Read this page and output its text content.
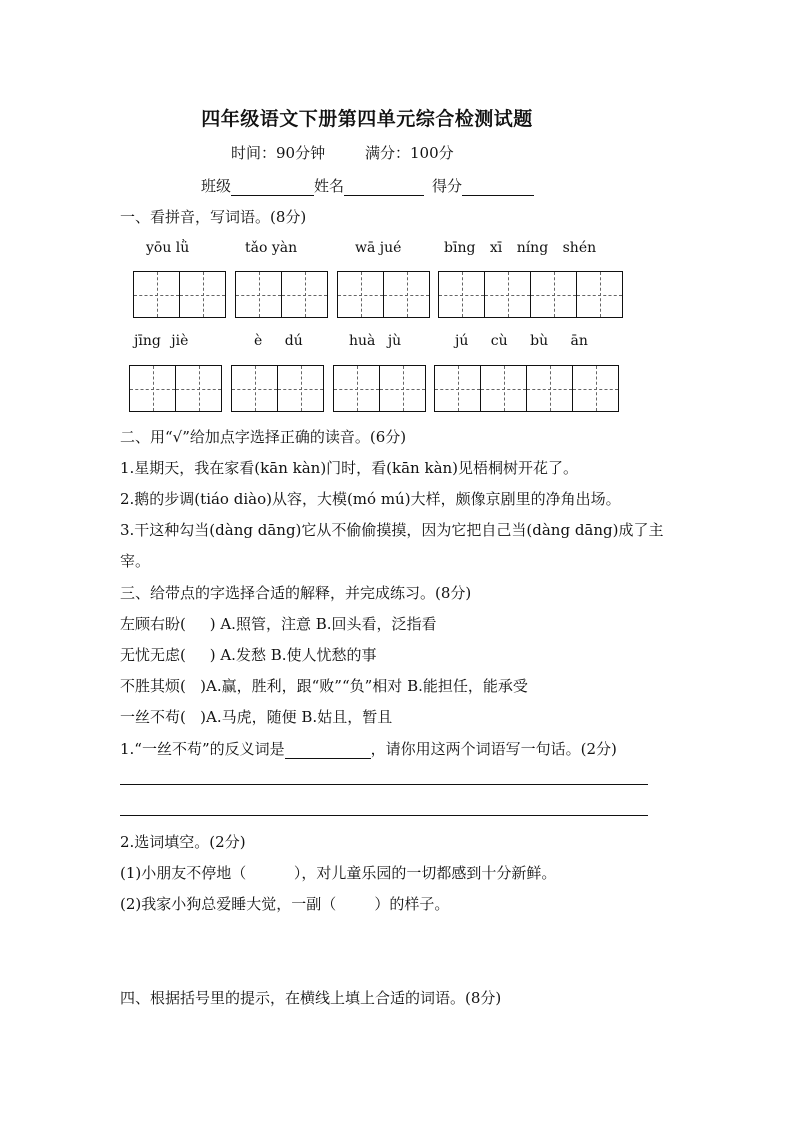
四年级语文下册第四单元综合检测试题
时间：90分钟	满分：100分
班级	姓名	得分
一、看拼音，写词语。(8分)
yōu lǜ	tǎo yàn	wā jué	bīng xī níng shén
jīng jiè	è dú	huà jù	jú cù bù ān
二、用“√”给加点字选择正确的读音。(6分)
1.星期天，我在家看(kān kàn)门时，看(kān kàn)见梧桐树开花了。
2.鹅的步调(tiáo diào)从容，大模(mó mú)大样，颇像京剧里的净角出场。
3.干这种勾当(dàng dāng)它从不偷偷摸摸，因为它把自己当(dàng dāng)成了主
宰。
三、给带点的字选择合适的解释，并完成练习。(8分)
左顾右盼(     ) A.照管，注意 B.回头看，泛指看
无忧无虑(     ) A.发愁 B.使人忧愁的事
不胜其烦(   )A.赢，胜利，跟“败”“负”相对 B.能担任，能承受
一丝不苟(   )A.马虎，随便 B.姑且，暂且
1.“一丝不苟”的反义词是	，请你用这两个词语写一句话。(2分)
2.选词填空。(2分)
(1)小朋友不停地（          ），对儿童乐园的一切都感到十分新鲜。
(2)我家小狗总爱睡大觉，一副（        ）的样子。
四、根据括号里的提示，在横线上填上合适的词语。(8分)
